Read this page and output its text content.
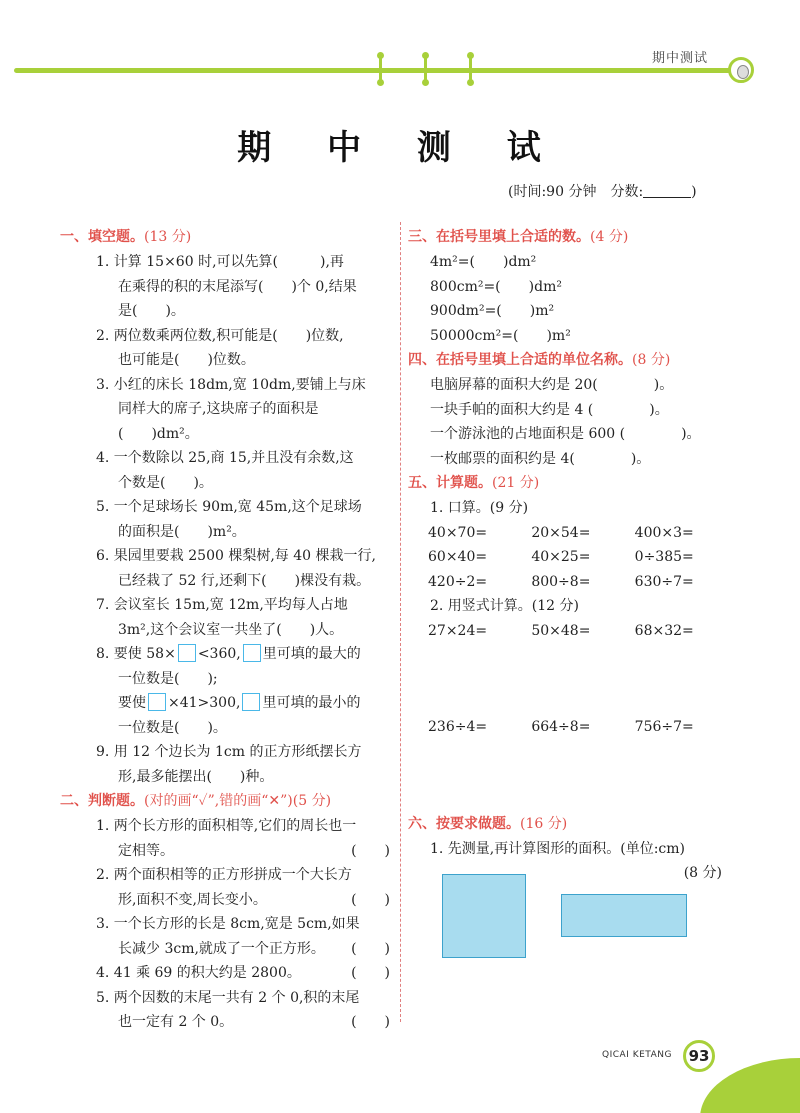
期中测试
期 中 测 试
(时间:90 分钟　分数:	)
一、填空题。(13 分)
1. 计算 15×60 时,可以先算(　　　),再
在乘得的积的末尾添写(　　)个 0,结果
是(　　)。
2. 两位数乘两位数,积可能是(　　)位数,
也可能是(　　)位数。
3. 小红的床长 18dm,宽 10dm,要铺上与床
同样大的席子,这块席子的面积是
(　　)dm²。
4. 一个数除以 25,商 15,并且没有余数,这
个数是(　　)。
5. 一个足球场长 90m,宽 45m,这个足球场
的面积是(　　)m²。
6. 果园里要栽 2500 棵梨树,每 40 棵栽一行,
已经栽了 52 行,还剩下(　　)棵没有栽。
7. 会议室长 15m,宽 12m,平均每人占地
3m²,这个会议室一共坐了(　　)人。
8. 要使 58× <360, 里可填的最大的
一位数是(　　);
要使 ×41>300, 里可填的最小的
一位数是(　　)。
9. 用 12 个边长为 1cm 的正方形纸摆长方
形,最多能摆出(　　)种。
二、判断题。(对的画“✓”,错的画“✕”)(5 分)
1. 两个长方形的面积相等,它们的周长也一
定相等。	(　　)
2. 两个面积相等的正方形拼成一个大长方
形,面积不变,周长变小。	(　　)
3. 一个长方形的长是 8cm,宽是 5cm,如果
长减少 3cm,就成了一个正方形。 (　　)
4. 41 乘 69 的积大约是 2800。	(　　)
5. 两个因数的末尾一共有 2 个 0,积的末尾
也一定有 2 个 0。	(　　)
三、在括号里填上合适的数。(4 分)
4m²=(　　)dm²
800cm²=(　　)dm²
900dm²=(　　)m²
50000cm²=(　　)m²
四、在括号里填上合适的单位名称。(8 分)
电脑屏幕的面积大约是 20(　　　　)。
一块手帕的面积大约是 4 (　　　　)。
一个游泳池的占地面积是 600 (　　　　)。
一枚邮票的面积约是 4(　　　　)。
五、计算题。(21 分)
1. 口算。(9 分)
40×70=	20×54=	400×3=
60×40=	40×25=	0÷385=
420÷2=	800÷8=	630÷7=
2. 用竖式计算。(12 分)
27×24=	50×48=	68×32=
236÷4=	664÷8=	756÷7=
六、按要求做题。(16 分)
1. 先测量,再计算图形的面积。(单位:cm)
(8 分)
QICAI KETANG	93
